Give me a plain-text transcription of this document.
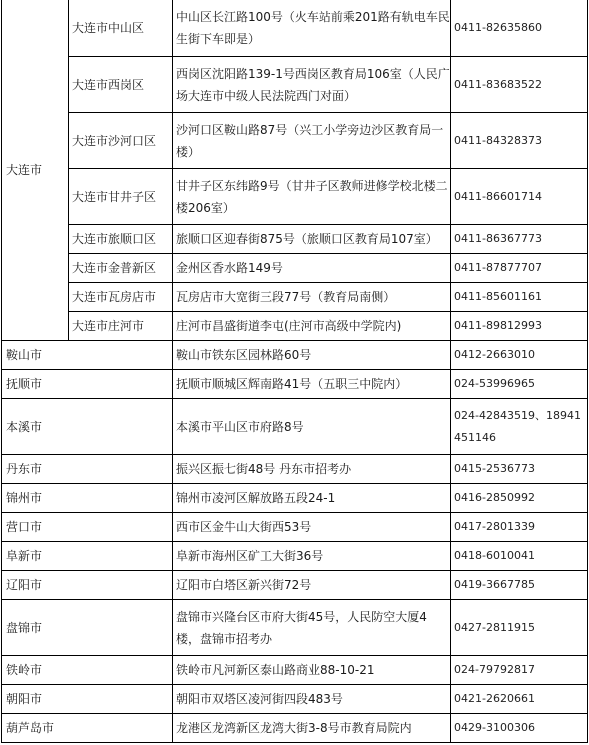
大连市	大连市中山区	中山区长江路100号（火车站前乘201路有轨电车民生街下车即是）	0411-82635860
	大连市西岗区	西岗区沈阳路139-1号西岗区教育局106室（人民广场大连市中级人民法院西门对面）	0411-83683522
	大连市沙河口区	沙河口区鞍山路87号（兴工小学旁边沙区教育局一楼）	0411-84328373
	大连市甘井子区	甘井子区东纬路9号（甘井子区教师进修学校北楼二楼206室）	0411-86601714
	大连市旅顺口区	旅顺口区迎春街875号（旅顺口区教育局107室）	0411-86367773
	大连市金普新区	金州区香水路149号	0411-87877707
	大连市瓦房店市	瓦房店市大宽街三段77号（教育局南侧）	0411-85601161
	大连市庄河市	庄河市昌盛街道李屯(庄河市高级中学院内)	0411-89812993
鞍山市		鞍山市铁东区园林路60号	0412-2663010
抚顺市		抚顺市顺城区辉南路41号（五职三中院内）	024-53996965
本溪市		本溪市平山区市府路8号	024-42843519、18941451146
丹东市		振兴区振七街48号 丹东市招考办	0415-2536773
锦州市		锦州市凌河区解放路五段24-1	0416-2850992
营口市		西市区金牛山大街西53号	0417-2801339
阜新市		阜新市海州区矿工大街36号	0418-6010041
辽阳市		辽阳市白塔区新兴街72号	0419-3667785
盘锦市		盘锦市兴隆台区市府大街45号，人民防空大厦4楼，盘锦市招考办	0427-2811915
铁岭市		铁岭市凡河新区泰山路商业88-10-21	024-79792817
朝阳市		朝阳市双塔区凌河街四段483号	0421-2620661
葫芦岛市		龙港区龙湾新区龙湾大街3-8号市教育局院内	0429-3100306
